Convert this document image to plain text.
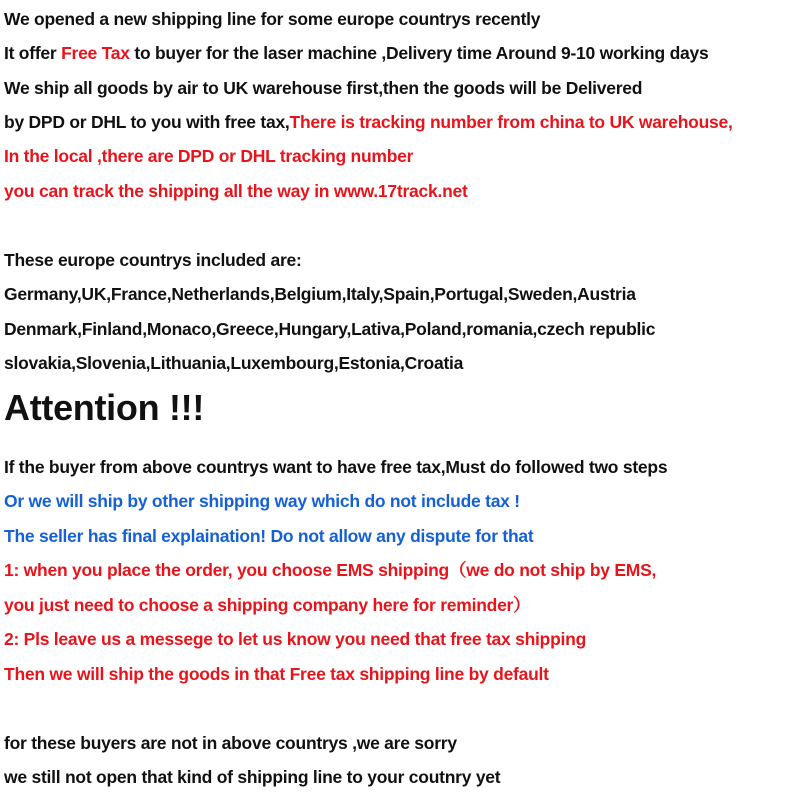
We opened a new shipping line for some europe countrys recently
It offer Free Tax to buyer for the laser machine ,Delivery time Around 9-10 working days
We ship all goods by air to UK warehouse first,then the goods will be Delivered
by DPD or DHL to you with free tax,There is tracking number from china to UK warehouse,
In the local ,there are DPD or DHL tracking number
you can track the shipping all the way in www.17track.net
These europe countrys included are:
Germany,UK,France,Netherlands,Belgium,Italy,Spain,Portugal,Sweden,Austria
Denmark,Finland,Monaco,Greece,Hungary,Lativa,Poland,romania,czech republic
slovakia,Slovenia,Lithuania,Luxembourg,Estonia,Croatia
Attention !!!
If the buyer from above countrys want to have free tax,Must do followed two steps
Or we will ship by other shipping way which do not include tax !
The seller has final explaination! Do not allow any dispute for that
1: when you place the order, you choose EMS shipping（we do not ship by EMS,
you just need to choose a shipping company here for reminder）
2: Pls leave us a messege to let us know you need that free tax shipping
Then we will ship the goods in that Free tax shipping line by default
for these buyers are not in above countrys ,we are sorry
we still not open that kind of shipping line to your coutnry yet
